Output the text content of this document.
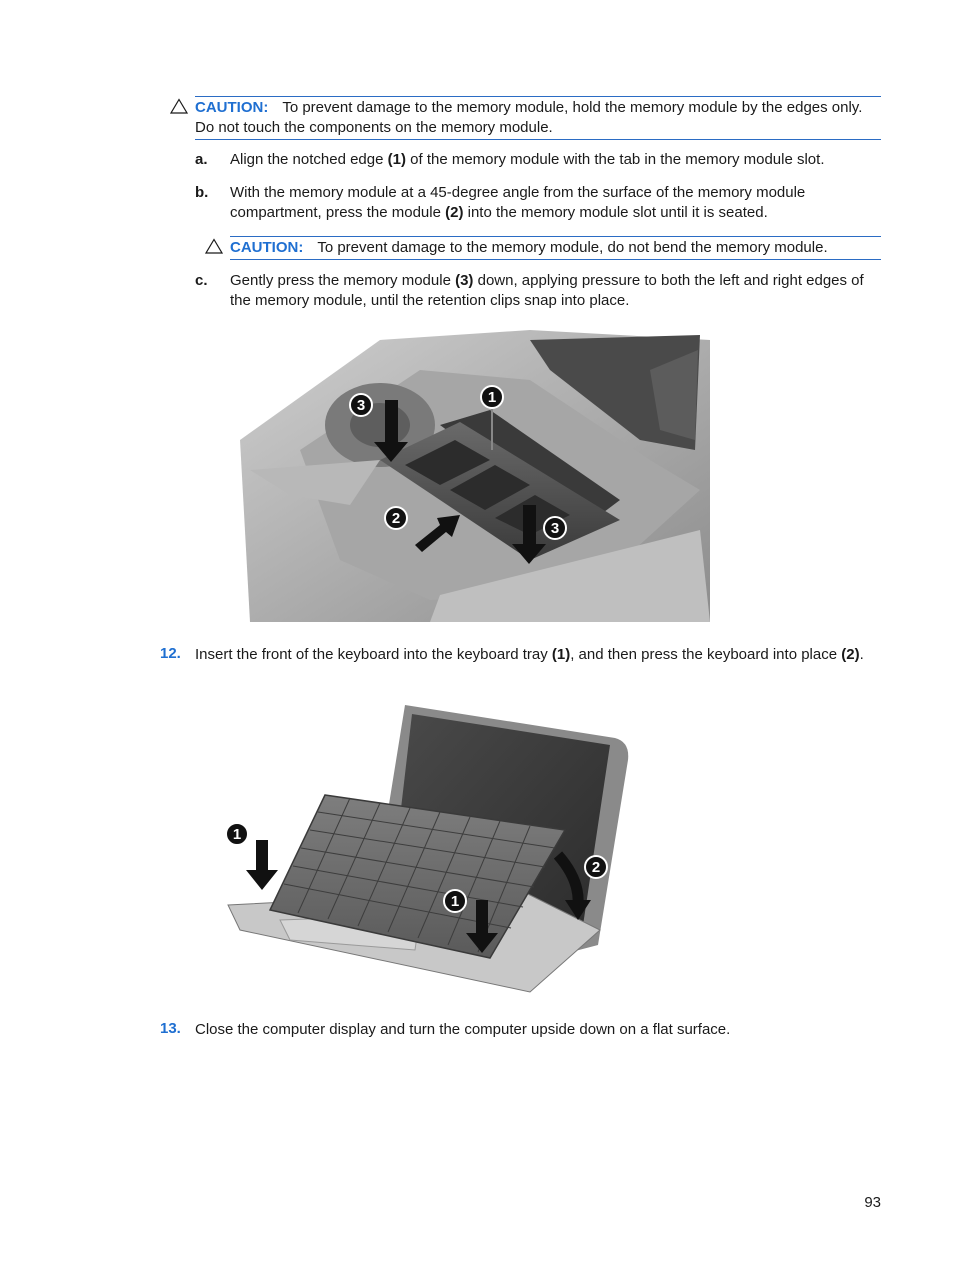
CAUTION: To prevent damage to the memory module, hold the memory module by the edges only. Do not touch the components on the memory module.
a. Align the notched edge (1) of the memory module with the tab in the memory module slot.
b. With the memory module at a 45-degree angle from the surface of the memory module compartment, press the module (2) into the memory module slot until it is seated.
CAUTION: To prevent damage to the memory module, do not bend the memory module.
c. Gently press the memory module (3) down, applying pressure to both the left and right edges of the memory module, until the retention clips snap into place.
1
2
3
3
12. Insert the front of the keyboard into the keyboard tray (1), and then press the keyboard into place (2).
1
1
2
13. Close the computer display and turn the computer upside down on a flat surface.
93
